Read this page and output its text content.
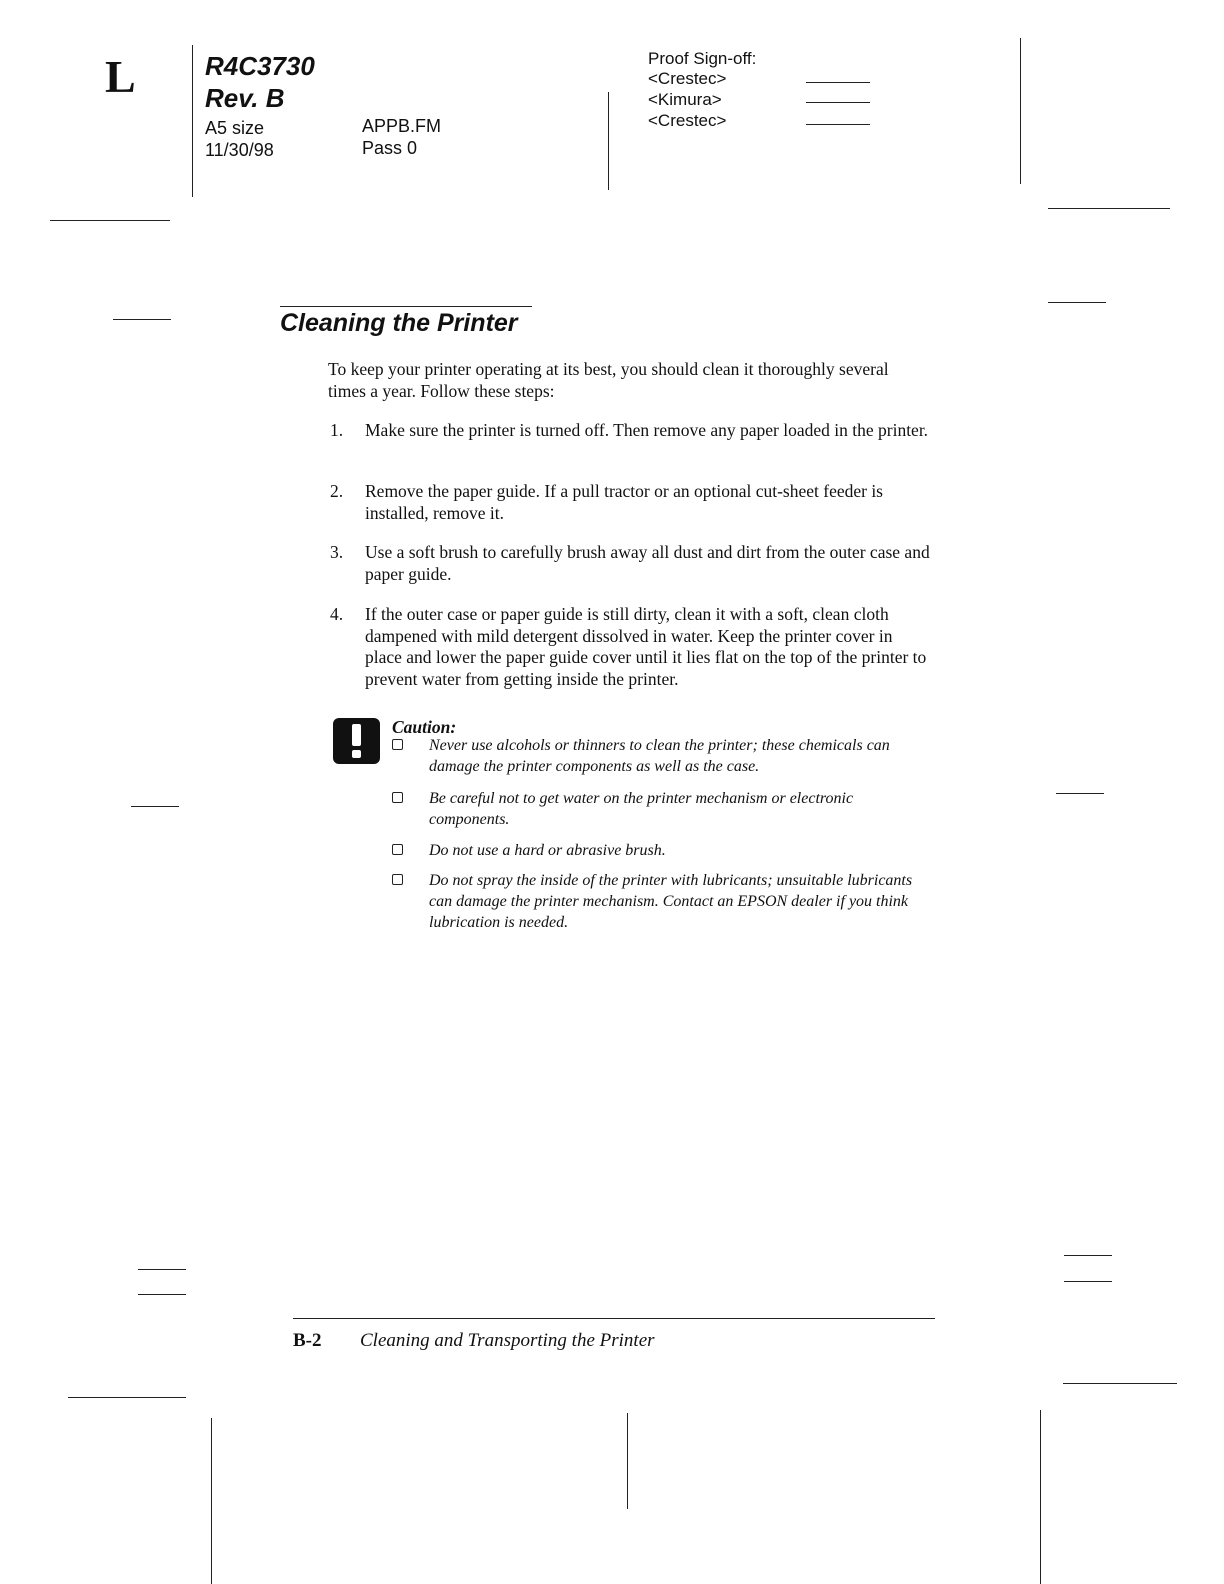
L	R4C3730
Rev. B
A5 size
11/30/98
APPB.FM
Pass 0
Proof Sign-off:
<Crestec>
<Kimura>
<Crestec>
Cleaning the Printer
To keep your printer operating at its best, you should clean it thoroughly several times a year. Follow these steps:
1. Make sure the printer is turned off. Then remove any paper loaded in the printer.
2. Remove the paper guide. If a pull tractor or an optional cut-sheet feeder is installed, remove it.
3. Use a soft brush to carefully brush away all dust and dirt from the outer case and paper guide.
4. If the outer case or paper guide is still dirty, clean it with a soft, clean cloth dampened with mild detergent dissolved in water. Keep the printer cover in place and lower the paper guide cover until it lies flat on the top of the printer to prevent water from getting inside the printer.
Caution:
Never use alcohols or thinners to clean the printer; these chemicals can damage the printer components as well as the case.
Be careful not to get water on the printer mechanism or electronic components.
Do not use a hard or abrasive brush.
Do not spray the inside of the printer with lubricants; unsuitable lubricants can damage the printer mechanism. Contact an EPSON dealer if you think lubrication is needed.
B-2 Cleaning and Transporting the Printer
